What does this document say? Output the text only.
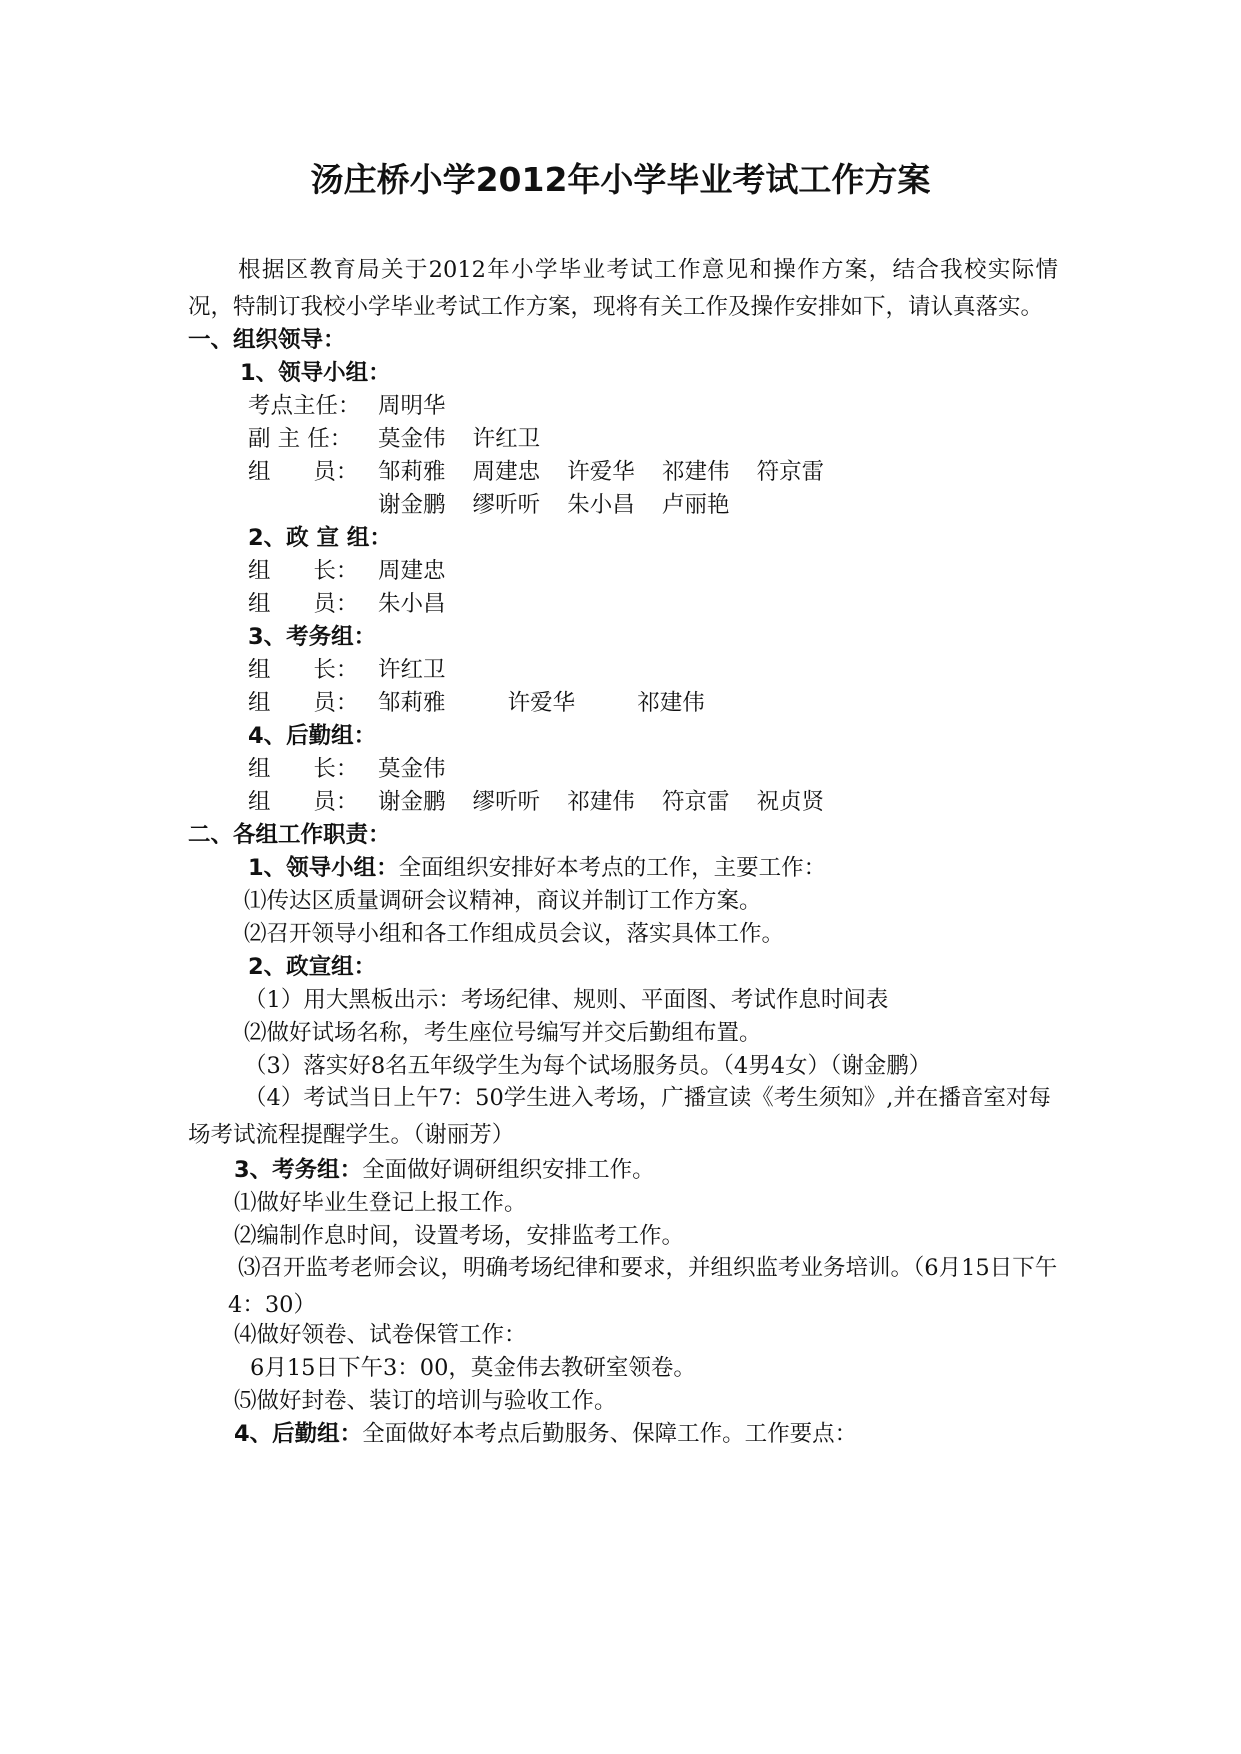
汤庄桥小学2012年小学毕业考试工作方案

根据区教育局关于2012年小学毕业考试工作意见和操作方案，结合我校实际情况，特制订我校小学毕业考试工作方案，现将有关工作及操作安排如下，请认真落实。

一、组织领导：
1、领导小组：
考点主任： 周明华
副 主 任： 莫金伟 许红卫
组      员： 邹莉雅 周建忠 许爱华 祁建伟 符京雷
谢金鹏 缪听听 朱小昌 卢丽艳
2、政 宣 组：
组      长： 周建忠
组      员： 朱小昌
3、考务组：
组      长： 许红卫
组      员： 邹莉雅 许爱华 祁建伟
4、后勤组：
组      长： 莫金伟
组      员： 谢金鹏 缪听听 祁建伟 符京雷 祝贞贤
二、各组工作职责：
1、领导小组：全面组织安排好本考点的工作，主要工作：
⑴传达区质量调研会议精神，商议并制订工作方案。
⑵召开领导小组和各工作组成员会议，落实具体工作。
2、政宣组：
（1）用大黑板出示：考场纪律、规则、平面图、考试作息时间表
⑵做好试场名称，考生座位号编写并交后勤组布置。
（3）落实好8名五年级学生为每个试场服务员。（4男4女）（谢金鹏）

（4）考试当日上午7：50学生进入考场，广播宣读《考生须知》,并在播音室对每场考试流程提醒学生。（谢丽芳）

3、考务组：全面做好调研组织安排工作。
⑴做好毕业生登记上报工作。
⑵编制作息时间，设置考场，安排监考工作。

⑶召开监考老师会议，明确考场纪律和要求，并组织监考业务培训。（6月15日下午4：30）

⑷做好领卷、试卷保管工作：
6月15日下午3：00，莫金伟去教研室领卷。
⑸做好封卷、装订的培训与验收工作。
4、后勤组：全面做好本考点后勤服务、保障工作。工作要点：
